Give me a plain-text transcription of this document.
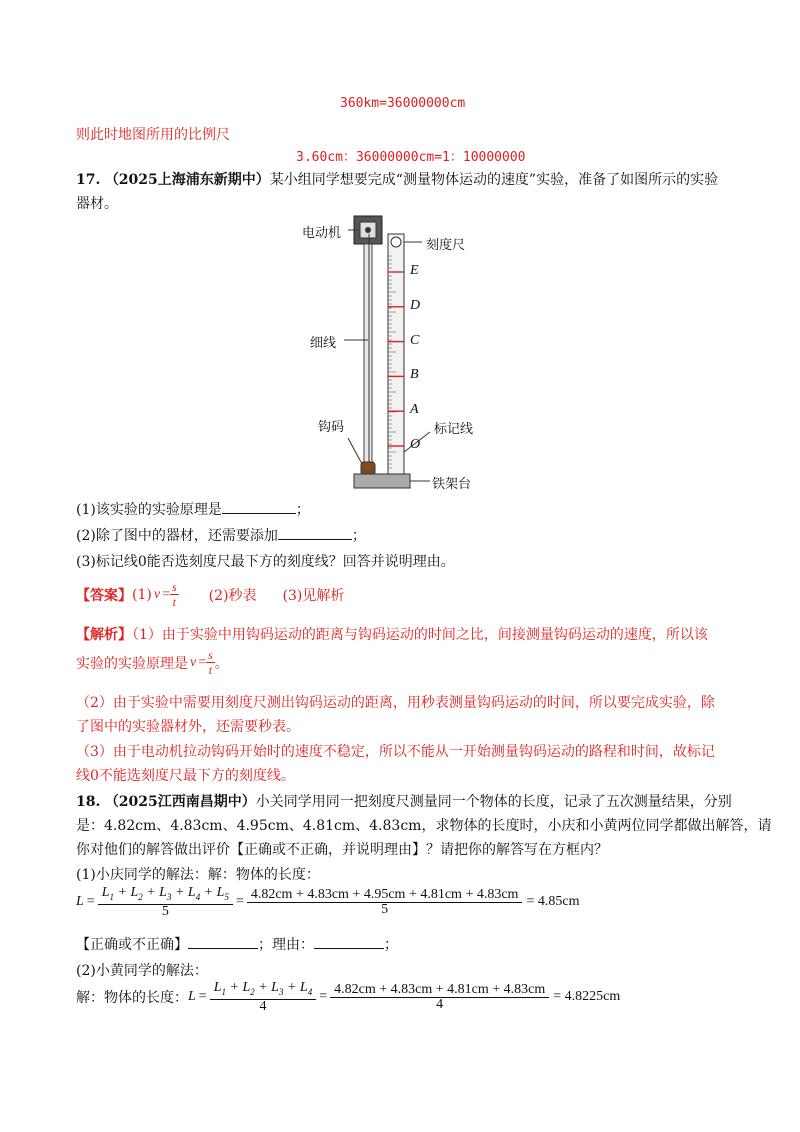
360km=36000000cm
则此时地图所用的比例尺
3.60cm：36000000cm=1：10000000
17. （2025上海浦东新期中）某小组同学想要完成“测量物体运动的速度”实验，准备了如图所示的实验
器材。
电动机
刻度尺
细线
钩码	标记线
铁架台
E
D
C
B
A
O
(1)该实验的实验原理是	；
(2)除了图中的器材，还需要添加	；
(3)标记线0能否选刻度尺最下方的刻度线？回答并说明理由。
【答案】 (1) $v = \frac{s}{t} (2)$秒表 (3)见解析
【解析】（1）由于实验中用钩码运动的距离与钩码运动的时间之比，间接测量钩码运动的速度，所以该
实验的实验原理是 $v = \frac{s}{t}$ 。
（2）由于实验中需要用刻度尺测出钩码运动的距离，用秒表测量钩码运动的时间，所以要完成实验，除
了图中的实验器材外，还需要秒表。
（3）由于电动机拉动钩码开始时的速度不稳定，所以不能从一开始测量钩码运动的路程和时间，故标记
线0不能选刻度尺最下方的刻度线。
18. （2025江西南昌期中）小关同学用同一把刻度尺测量同一个物体的长度，记录了五次测量结果，分别
是：4.82cm、4.83cm、4.95cm、4.81cm、4.83cm，求物体的长度时，小庆和小黄两位同学都做出解答，请
你对他们的解答做出评价【正确或不正确，并说明理由】？请把你的解答写在方框内？
(1)小庆同学的解法：解：物体的长度：
$L = \frac{L_1 + L_2 + L_3 + L_4 + L_5}{5} = \frac{4.82cm + 4.83cm + 4.95cm + 4.81cm + 4.83cm}{5} = 4.85cm$
【正确或不正确】	；理由：	；
(2)小黄同学的解法：
解：物体的长度： $L = \frac{L_1 + L_2 + L_3 + L_4}{4} = \frac{4.82cm + 4.83cm + 4.81cm + 4.83cm}{4} = 4.8225cm$
